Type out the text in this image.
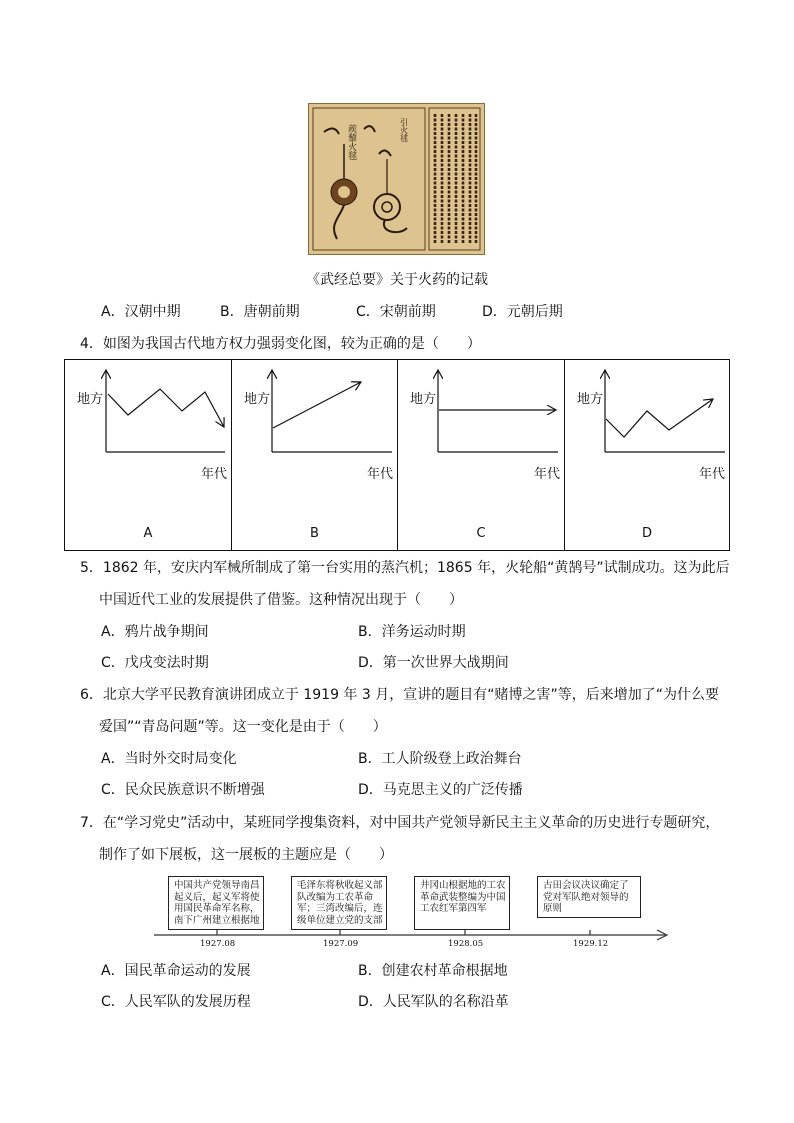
蒺藜火毬	引火毬
《武经总要》关于火药的记载
A．汉朝中期	B．唐朝前期	C．宋朝前期	D．元朝后期
4．如图为我国古代地方权力强弱变化图，较为正确的是（　　）
地方
年代
A
地方
年代
B
地方
年代
C
地方
年代
D
5．1862 年，安庆内军械所制成了第一台实用的蒸汽机；1865 年，火轮船“黄鹄号”试制成功。这为此后
中国近代工业的发展提供了借鉴。这种情况出现于（　　）
A．鸦片战争期间	B．洋务运动时期
C．戊戌变法时期	D．第一次世界大战期间
6．北京大学平民教育演讲团成立于 1919 年 3 月，宣讲的题目有“赌博之害”等，后来增加了“为什么要
爱国”“青岛问题”等。这一变化是由于（　　）
A．当时外交时局变化	B．工人阶级登上政治舞台
C．民众民族意识不断增强	D．马克思主义的广泛传播
7．在“学习党史”活动中，某班同学搜集资料，对中国共产党领导新民主主义革命的历史进行专题研究，
制作了如下展板，这一展板的主题应是（　　）
中国共产党领导南昌起义后，起义军将使用国民革命军名称，南下广州建立根据地
毛泽东将秋收起义部队改编为工农革命军；三湾改编后，连级单位建立党的支部
井冈山根据地的工农革命武装整编为中国工农红军第四军
古田会议决议确定了党对军队绝对领导的原则
1927.08	1927.09	1928.05	1929.12
A．国民革命运动的发展	B．创建农村革命根据地
C．人民军队的发展历程	D．人民军队的名称沿革
